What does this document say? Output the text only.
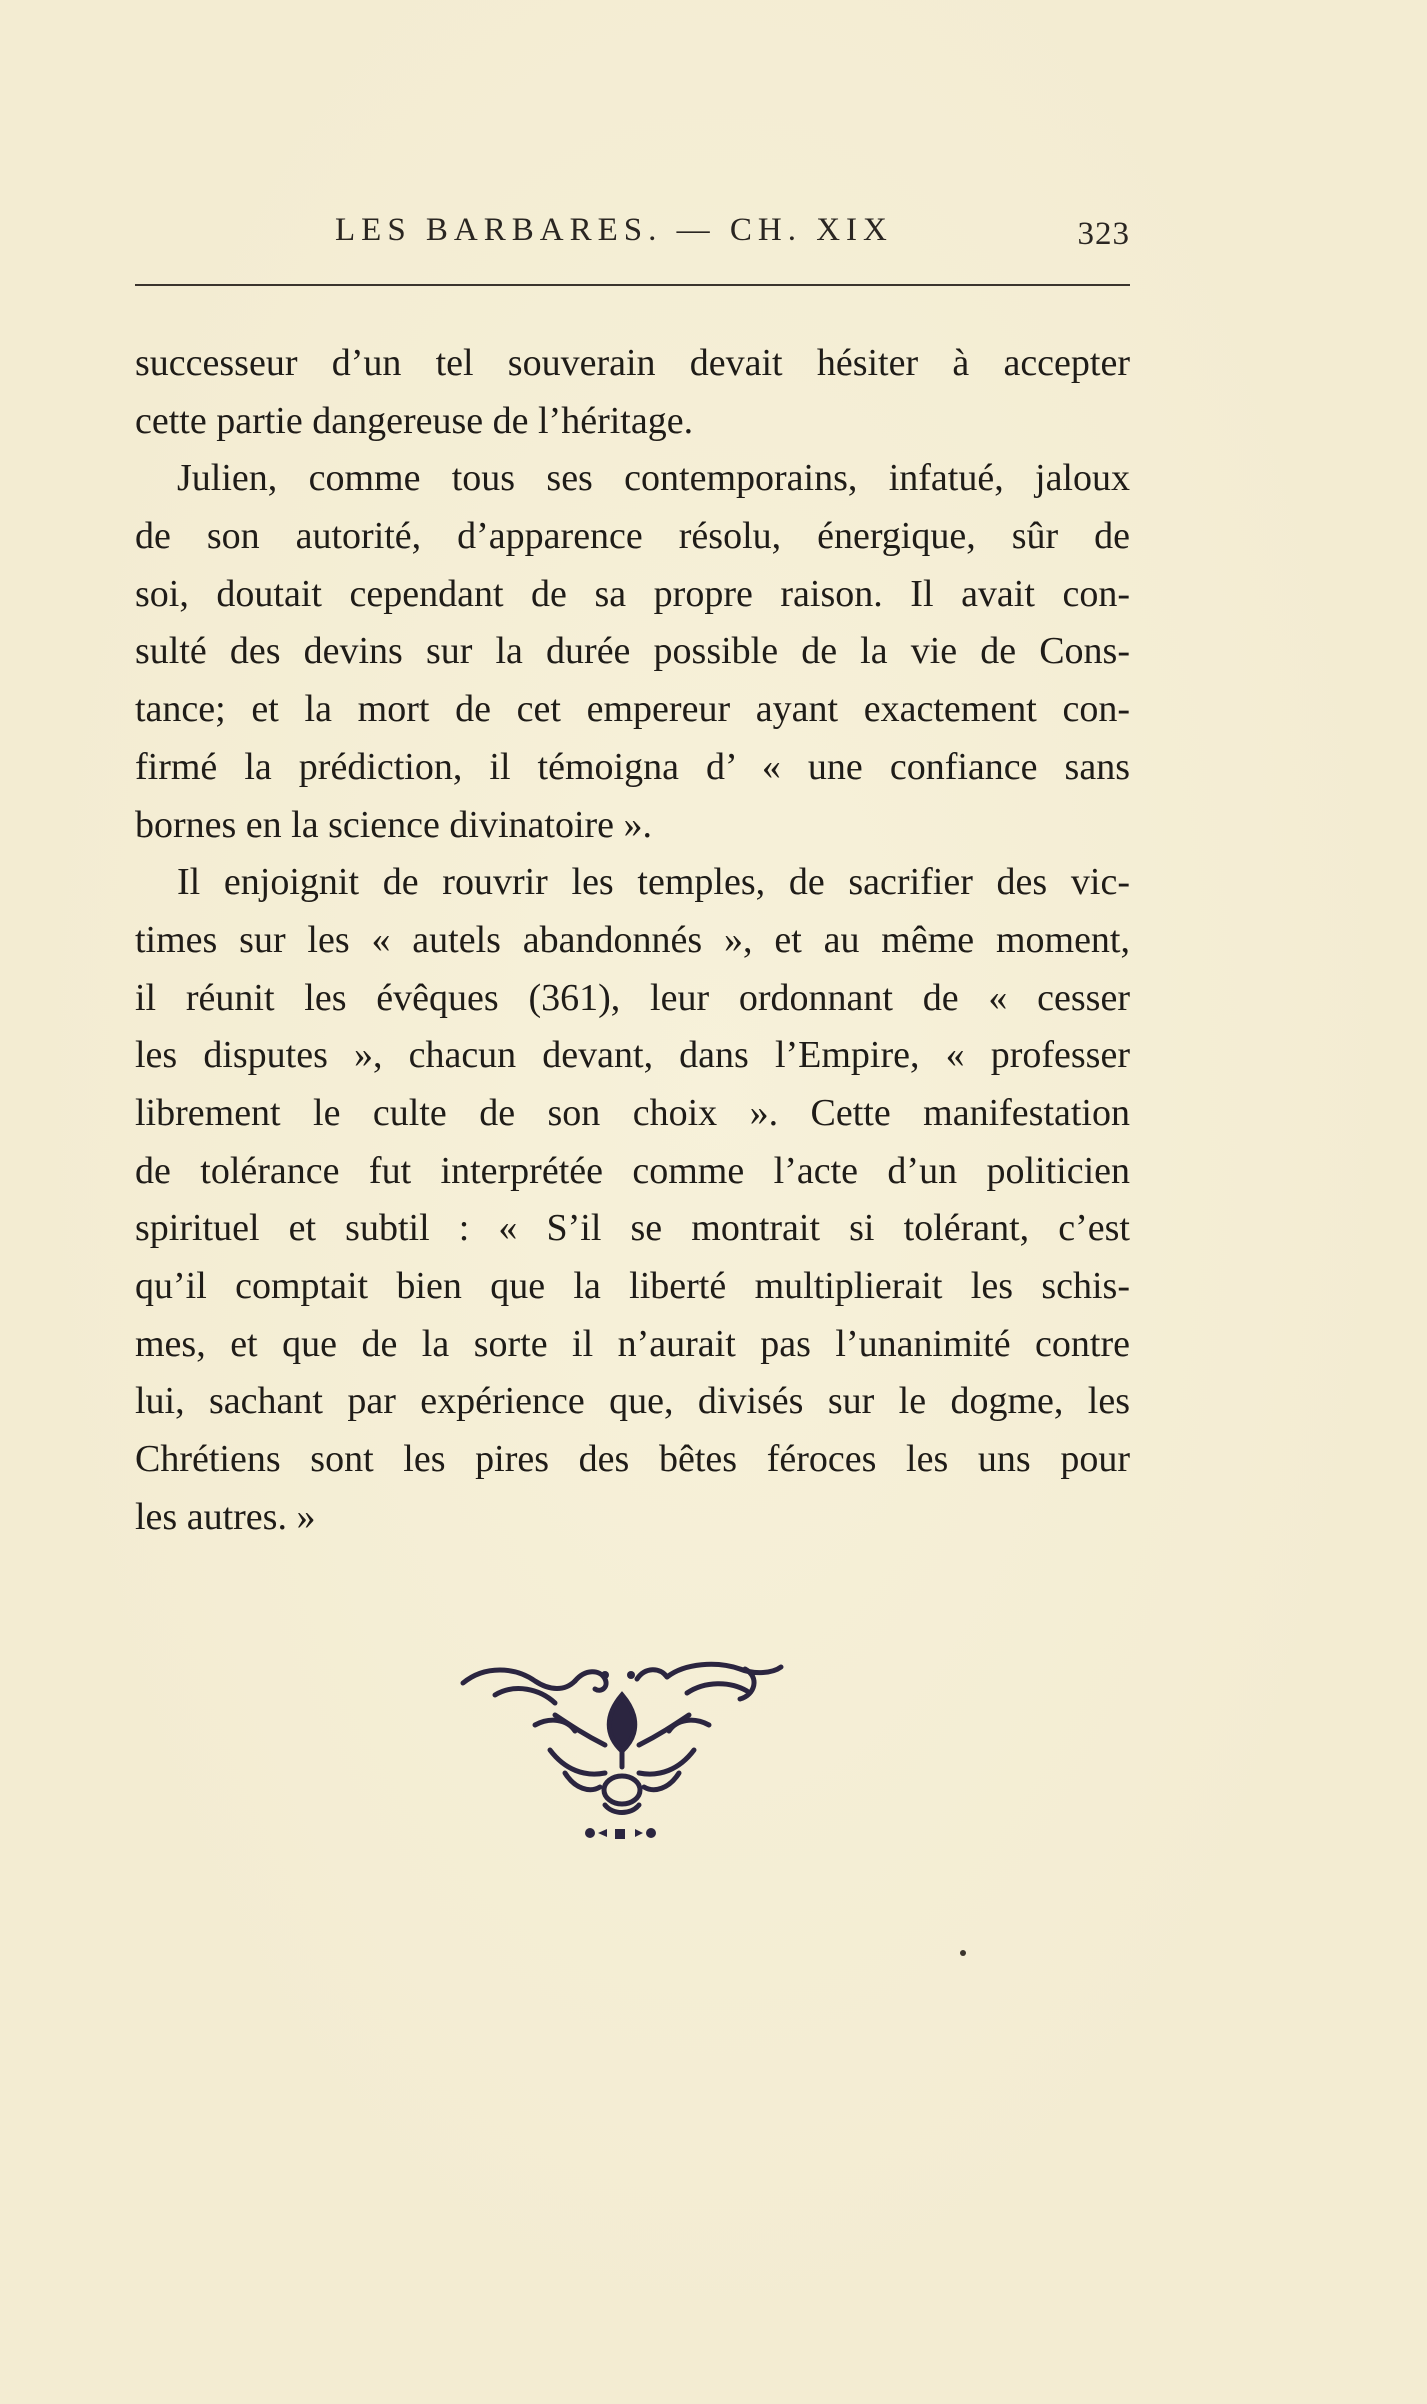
LES BARBARES. — CH. XIX	323
successeur d’un tel souverain devait hésiter à accepter
cette partie dangereuse de l’héritage.
Julien, comme tous ses contemporains, infatué, jaloux
de son autorité, d’apparence résolu, énergique, sûr de
soi, doutait cependant de sa propre raison. Il avait con-
sulté des devins sur la durée possible de la vie de Cons-
tance; et la mort de cet empereur ayant exactement con-
firmé la prédiction, il témoigna d’ « une confiance sans
bornes en la science divinatoire ».
Il enjoignit de rouvrir les temples, de sacrifier des vic-
times sur les « autels abandonnés », et au même moment,
il réunit les évêques (361), leur ordonnant de « cesser
les disputes », chacun devant, dans l’Empire, « professer
librement le culte de son choix ». Cette manifestation
de tolérance fut interprétée comme l’acte d’un politicien
spirituel et subtil : « S’il se montrait si tolérant, c’est
qu’il comptait bien que la liberté multiplierait les schis-
mes, et que de la sorte il n’aurait pas l’unanimité contre
lui, sachant par expérience que, divisés sur le dogme, les
Chrétiens sont les pires des bêtes féroces les uns pour
les autres. »
